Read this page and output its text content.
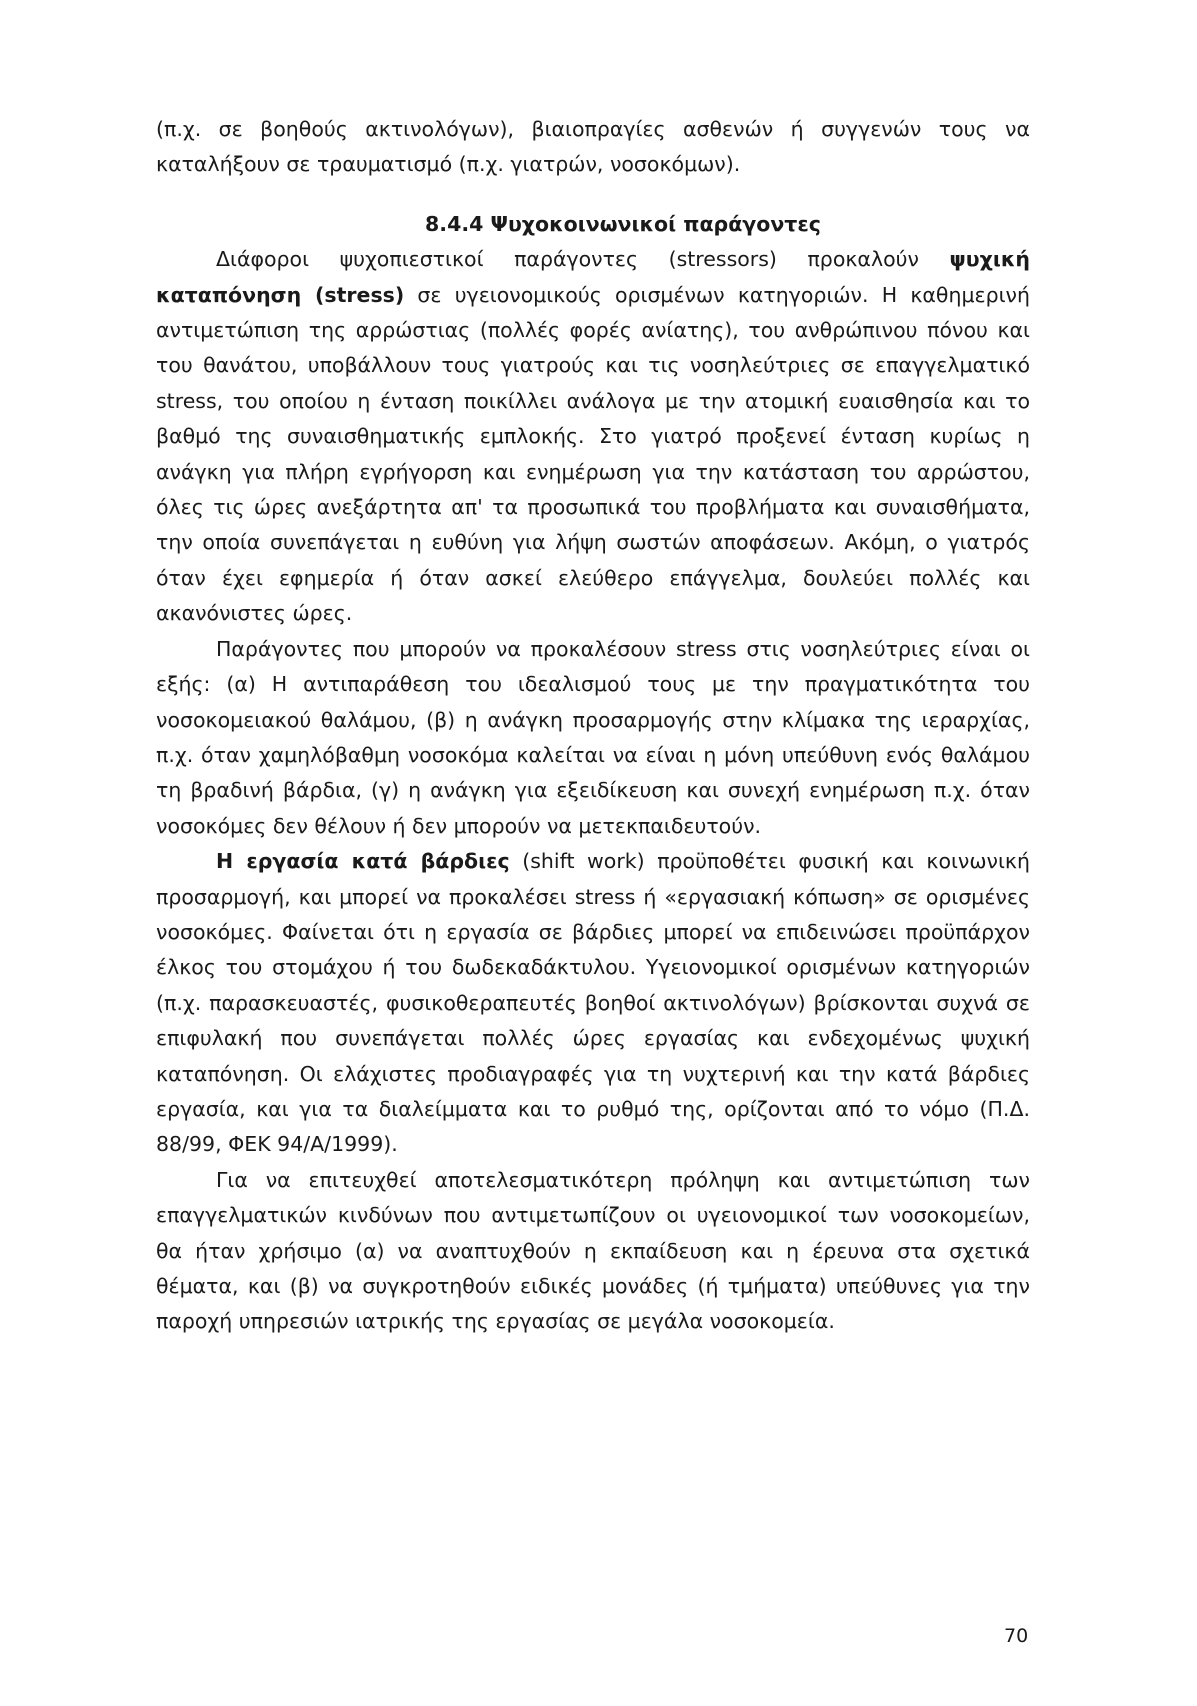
(π.χ. σε βοηθούς ακτινολόγων), βιαιοπραγίες ασθενών ή συγγενών τους να καταλήξουν σε τραυματισμό (π.χ. γιατρών, νοσοκόμων).

8.4.4 Ψυχοκοινωνικοί παράγοντες

Διάφοροι ψυχοπιεστικοί παράγοντες (stressors) προκαλούν ψυχική καταπόνηση (stress) σε υγειονομικούς ορισμένων κατηγοριών. Η καθημερινή αντιμετώπιση της αρρώστιας (πολλές φορές ανίατης), του ανθρώπινου πόνου και του θανάτου, υποβάλλουν τους γιατρούς και τις νοσηλεύτριες σε επαγγελματικό stress, του οποίου η ένταση ποικίλλει ανάλογα με την ατομική ευαισθησία και το βαθμό της συναισθηματικής εμπλοκής. Στο γιατρό προξενεί ένταση κυρίως η ανάγκη για πλήρη εγρήγορση και ενημέρωση για την κατάσταση του αρρώστου, όλες τις ώρες ανεξάρτητα απ' τα προσωπικά του προβλήματα και συναισθήματα, την οποία συνεπάγεται η ευθύνη για λήψη σωστών αποφάσεων. Ακόμη, ο γιατρός όταν έχει εφημερία ή όταν ασκεί ελεύθερο επάγγελμα, δουλεύει πολλές και ακανόνιστες ώρες.

Παράγοντες που μπορούν να προκαλέσουν stress στις νοσηλεύτριες είναι οι εξής: (α) Η αντιπαράθεση του ιδεαλισμού τους με την πραγματικότητα του νοσοκομειακού θαλάμου, (β) η ανάγκη προσαρμογής στην κλίμακα της ιεραρχίας, π.χ. όταν χαμηλόβαθμη νοσοκόμα καλείται να είναι η μόνη υπεύθυνη ενός θαλάμου τη βραδινή βάρδια, (γ) η ανάγκη για εξειδίκευση και συνεχή ενημέρωση π.χ. όταν νοσοκόμες δεν θέλουν ή δεν μπορούν να μετεκπαιδευτούν.

Η εργασία κατά βάρδιες (shift work) προϋποθέτει φυσική και κοινωνική προσαρμογή, και μπορεί να προκαλέσει stress ή «εργασιακή κόπωση» σε ορισμένες νοσοκόμες. Φαίνεται ότι η εργασία σε βάρδιες μπορεί να επιδεινώσει προϋπάρχον έλκος του στομάχου ή του δωδεκαδάκτυλου. Υγειονομικοί ορισμένων κατηγοριών (π.χ. παρασκευαστές, φυσικοθεραπευτές βοηθοί ακτινολόγων) βρίσκονται συχνά σε επιφυλακή που συνεπάγεται πολλές ώρες εργασίας και ενδεχομένως ψυχική καταπόνηση. Οι ελάχιστες προδιαγραφές για τη νυχτερινή και την κατά βάρδιες εργασία, και για τα διαλείμματα και το ρυθμό της, ορίζονται από το νόμο (Π.Δ. 88/99, ΦΕΚ 94/Α/1999).

Για να επιτευχθεί αποτελεσματικότερη πρόληψη και αντιμετώπιση των επαγγελματικών κινδύνων που αντιμετωπίζουν οι υγειονομικοί των νοσοκομείων, θα ήταν χρήσιμο (α) να αναπτυχθούν η εκπαίδευση και η έρευνα στα σχετικά θέματα, και (β) να συγκροτηθούν ειδικές μονάδες (ή τμήματα) υπεύθυνες για την παροχή υπηρεσιών ιατρικής της εργασίας σε μεγάλα νοσοκομεία.

70
